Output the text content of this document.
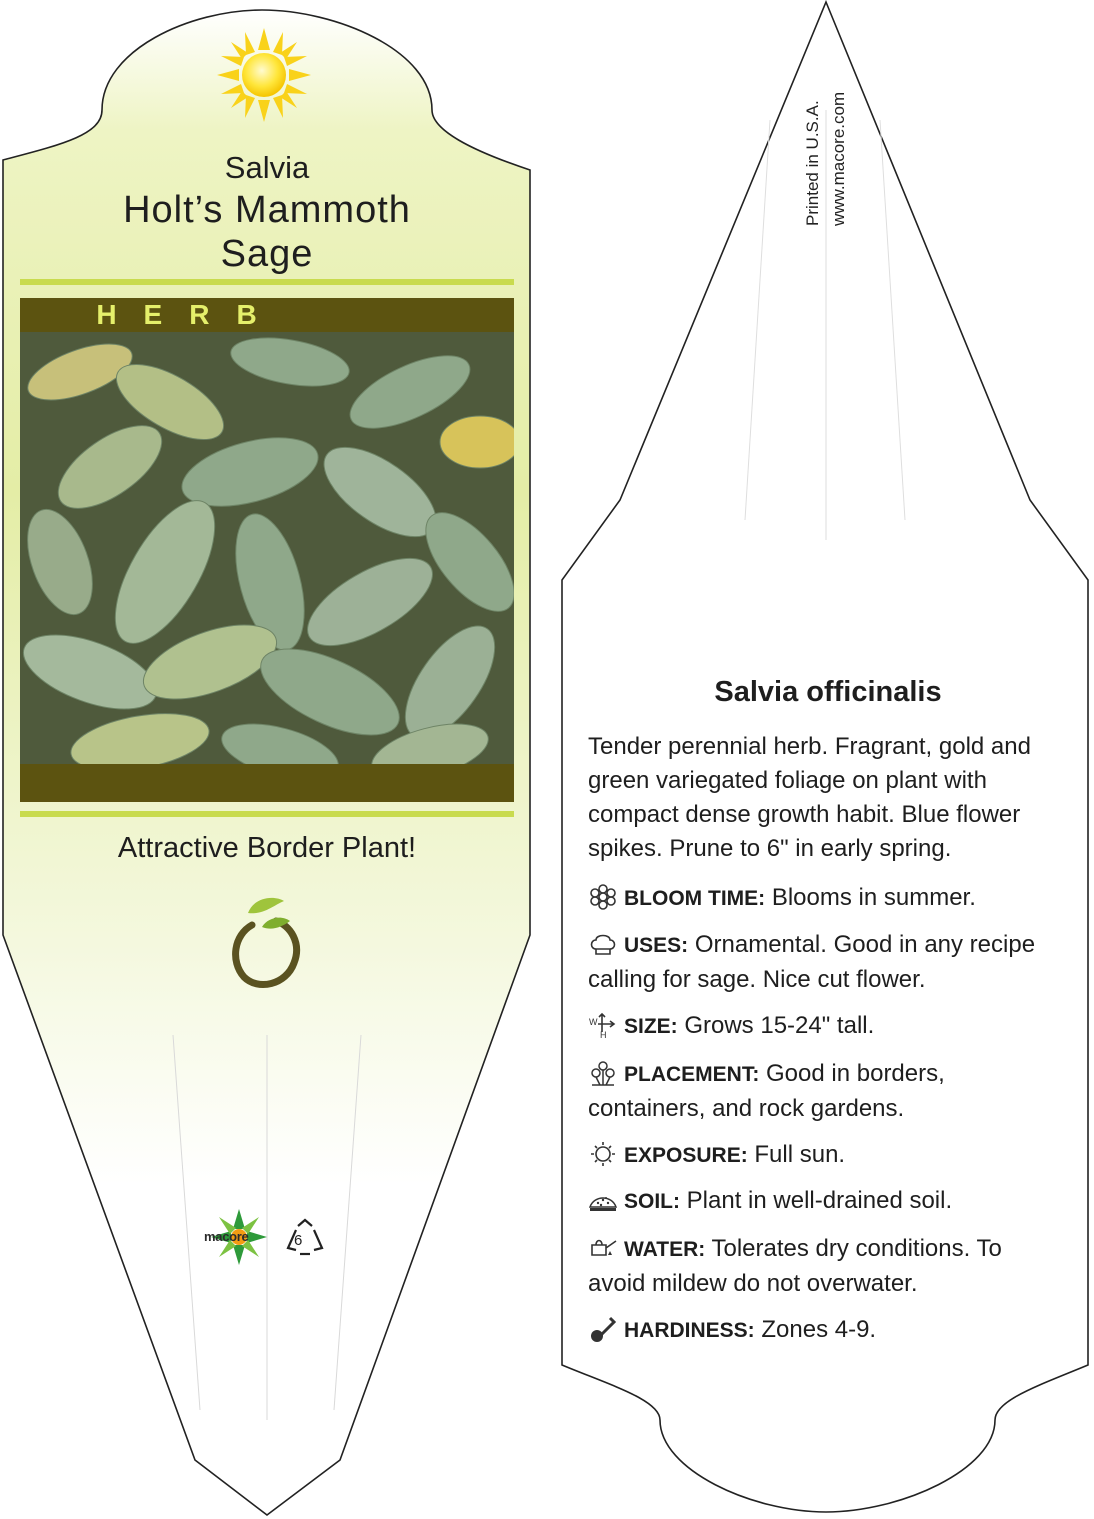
Salvia
Holt’s Mammoth
Sage
HERB
Attractive Border Plant!
macore	6
Printed in U.S.A. www.macore.com
Salvia officinalis
Tender perennial herb. Fragrant, gold and green variegated foliage on plant with compact dense growth habit. Blue flower spikes. Prune to 6" in early spring.
BLOOM TIME: Blooms in summer.
USES: Ornamental. Good in any recipe calling for sage. Nice cut flower.
W
H SIZE: Grows 15-24" tall.
PLACEMENT: Good in borders, containers, and rock gardens.
EXPOSURE: Full sun.
SOIL: Plant in well-drained soil.
WATER: Tolerates dry conditions. To avoid mildew do not overwater.
HARDINESS: Zones 4-9.
